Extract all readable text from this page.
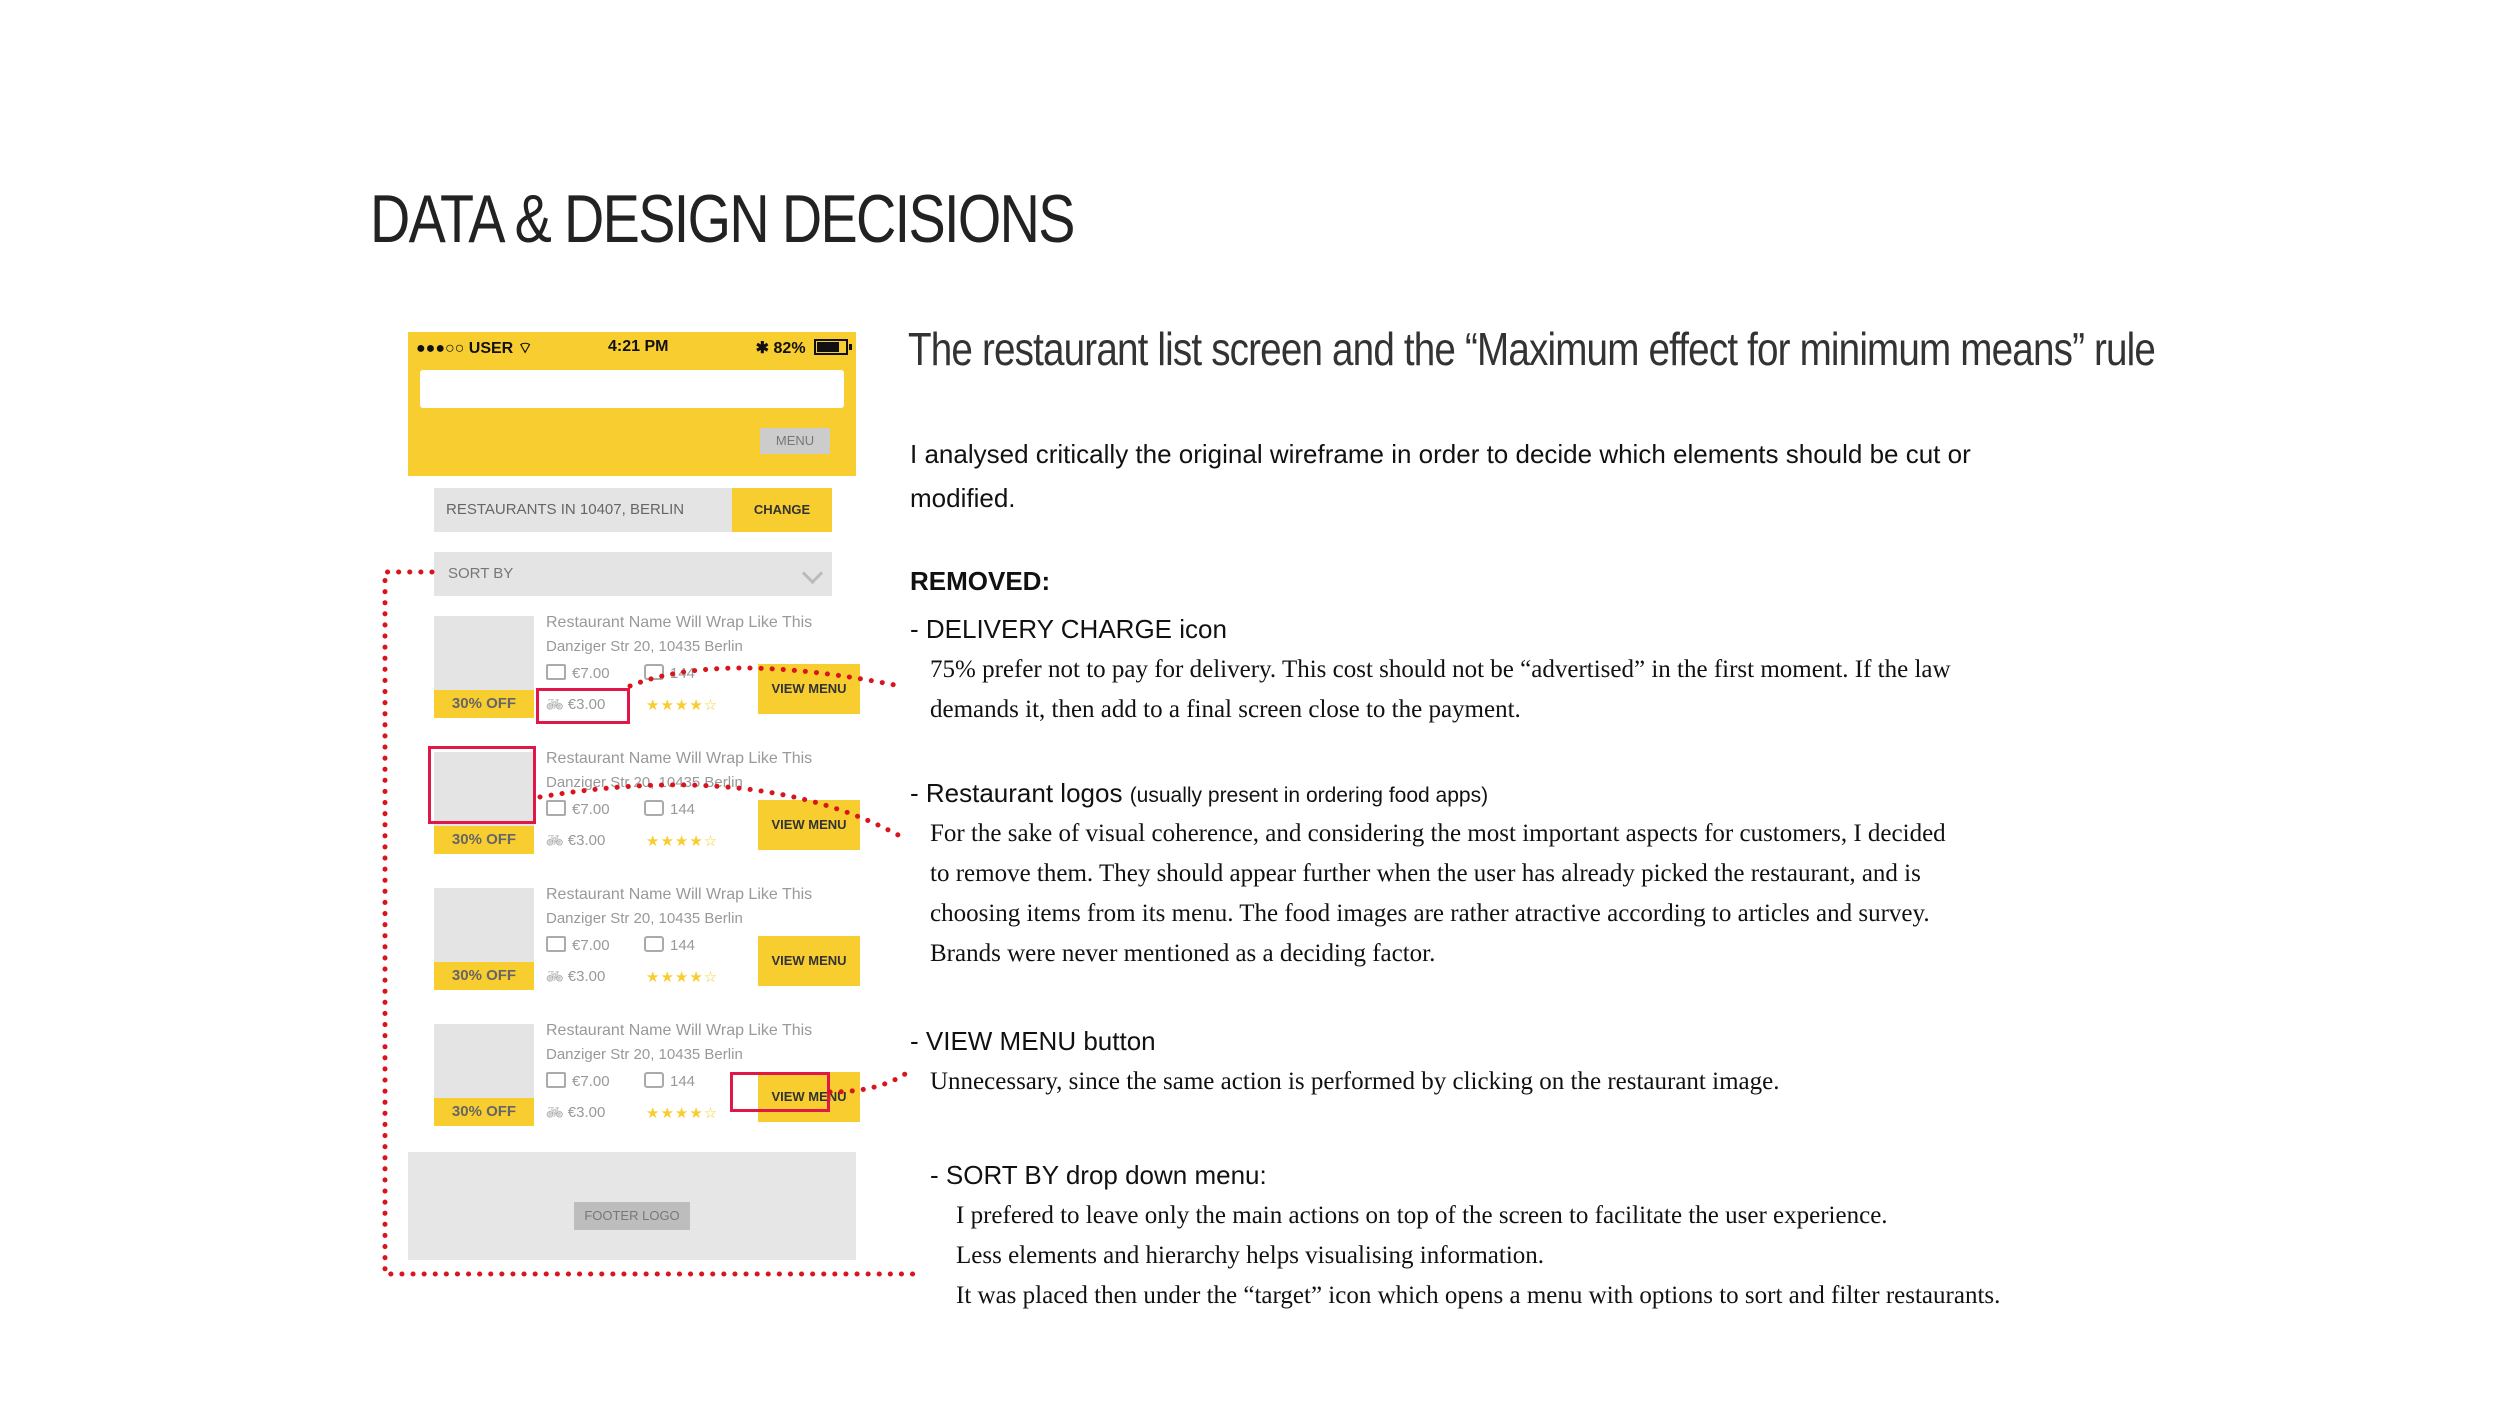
DATA & DESIGN DECISIONS
●●●○○ USER ⌔	4:21 PM	✱ 82%
MENU
RESTAURANTS IN 10407, BERLIN	CHANGE
SORT BY
30% OFF
Restaurant Name Will Wrap Like This
Danziger Str 20, 10435 Berlin
€7.00	144
🚲︎ €3.00	★★★★☆
VIEW MENU
30% OFF
Restaurant Name Will Wrap Like This
Danziger Str 20, 10435 Berlin
€7.00	144
🚲︎ €3.00	★★★★☆
VIEW MENU
30% OFF
Restaurant Name Will Wrap Like This
Danziger Str 20, 10435 Berlin
€7.00	144
🚲︎ €3.00	★★★★☆
VIEW MENU
30% OFF
Restaurant Name Will Wrap Like This
Danziger Str 20, 10435 Berlin
€7.00	144
🚲︎ €3.00	★★★★☆
VIEW MENU
FOOTER LOGO
The restaurant list screen and the “Maximum effect for minimum means” rule
I analysed critically the original wireframe in order to decide which elements should be cut or modified.
REMOVED:
- DELIVERY CHARGE icon
75% prefer not to pay for delivery. This cost should not be “advertised” in the first moment. If the law
demands it, then add to a final screen close to the payment.
- Restaurant logos (usually present in ordering food apps)
For the sake of visual coherence, and considering the most important aspects for customers, I decided
to remove them. They should appear further when the user has already picked the restaurant, and is
choosing items from its menu. The food images are rather atractive according to articles and survey.
Brands were never mentioned as a deciding factor.
- VIEW MENU button
Unnecessary, since the same action is performed by clicking on the restaurant image.
- SORT BY drop down menu:
I prefered to leave only the main actions on top of the screen to facilitate the user experience.
Less elements and hierarchy helps visualising information.
It was placed then under the “target” icon which opens a menu with options to sort and filter restaurants.
